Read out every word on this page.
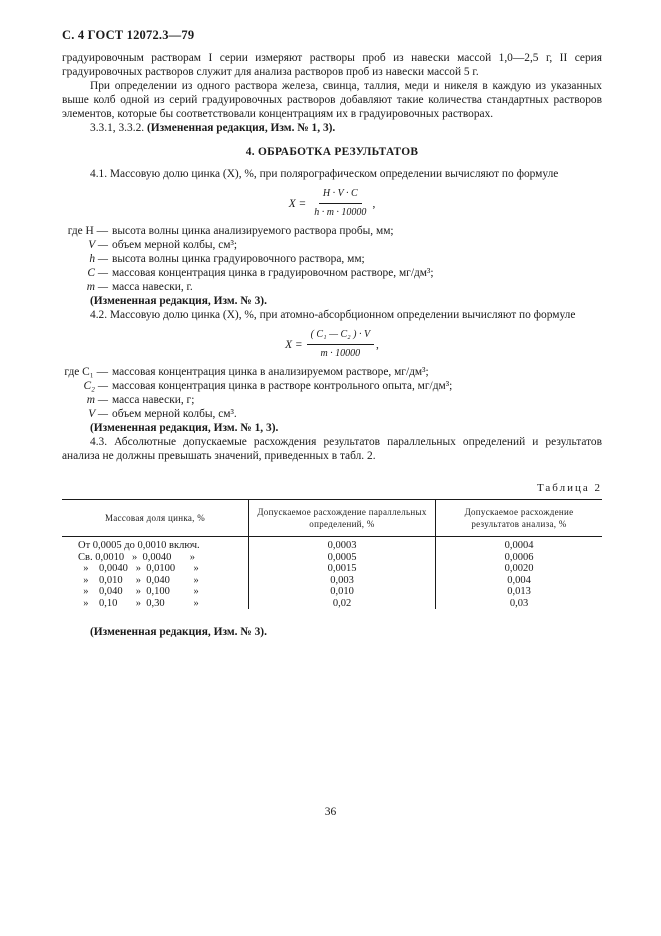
С. 4 ГОСТ 12072.3—79

градуировочным растворам I серии измеряют растворы проб из навески массой 1,0—2,5 г, II серия градуировочных растворов служит для анализа растворов проб из навески массой 5 г.

При определении из одного раствора железа, свинца, таллия, меди и никеля в каждую из указанных выше колб одной из серий градуировочных растворов добавляют такие количества стандартных растворов элементов, которые бы соответствовали концентрациям их в градуировочных растворах.

3.3.1, 3.3.2. (Измененная редакция, Изм. № 1, 3).

4. ОБРАБОТКА РЕЗУЛЬТАТОВ

4.1. Массовую долю цинка (X), %, при полярографическом определении вычисляют по формуле

$X = \frac{H \cdot V \cdot C}{h \cdot m \cdot 10000}$ ,
где H — высота волны цинка анализируемого раствора пробы, мм;
V — объем мерной колбы, см³;
h — высота волны цинка градуировочного раствора, мм;
C — массовая концентрация цинка в градуировочном растворе, мг/дм³;
m — масса навески, г.

(Измененная редакция, Изм. № 3).

4.2. Массовую долю цинка (X), %, при атомно-абсорбционном определении вычисляют по формуле

$X = \frac{\text{( C₁ — C₂ ) · V}}{m \cdot 10000}$ ,
где C₁ — массовая концентрация цинка в анализируемом растворе, мг/дм³;
C₂ — массовая концентрация цинка в растворе контрольного опыта, мг/дм³;
m — масса навески, г;
V — объем мерной колбы, см³.

(Измененная редакция, Изм. № 1, 3).

4.3. Абсолютные допускаемые расхождения результатов параллельных определений и результатов анализа не должны превышать значений, приведенных в табл. 2.

Таблица 2
Массовая доля цинка, %	Допускаемое расхождение параллельных определений, %	Допускаемое расхождение результатов анализа, %
От 0,0005 до 0,0010 включ.	0,0003	0,0004
Св. 0,0010   »  0,0040       »	0,0005	0,0006
»    0,0040   »  0,0100       »	0,0015	0,0020
»    0,010     »  0,040         »	0,003	0,004
»    0,040     »  0,100         »	0,010	0,013
»    0,10       »  0,30           »	0,02	0,03

(Измененная редакция, Изм. № 3).

36
